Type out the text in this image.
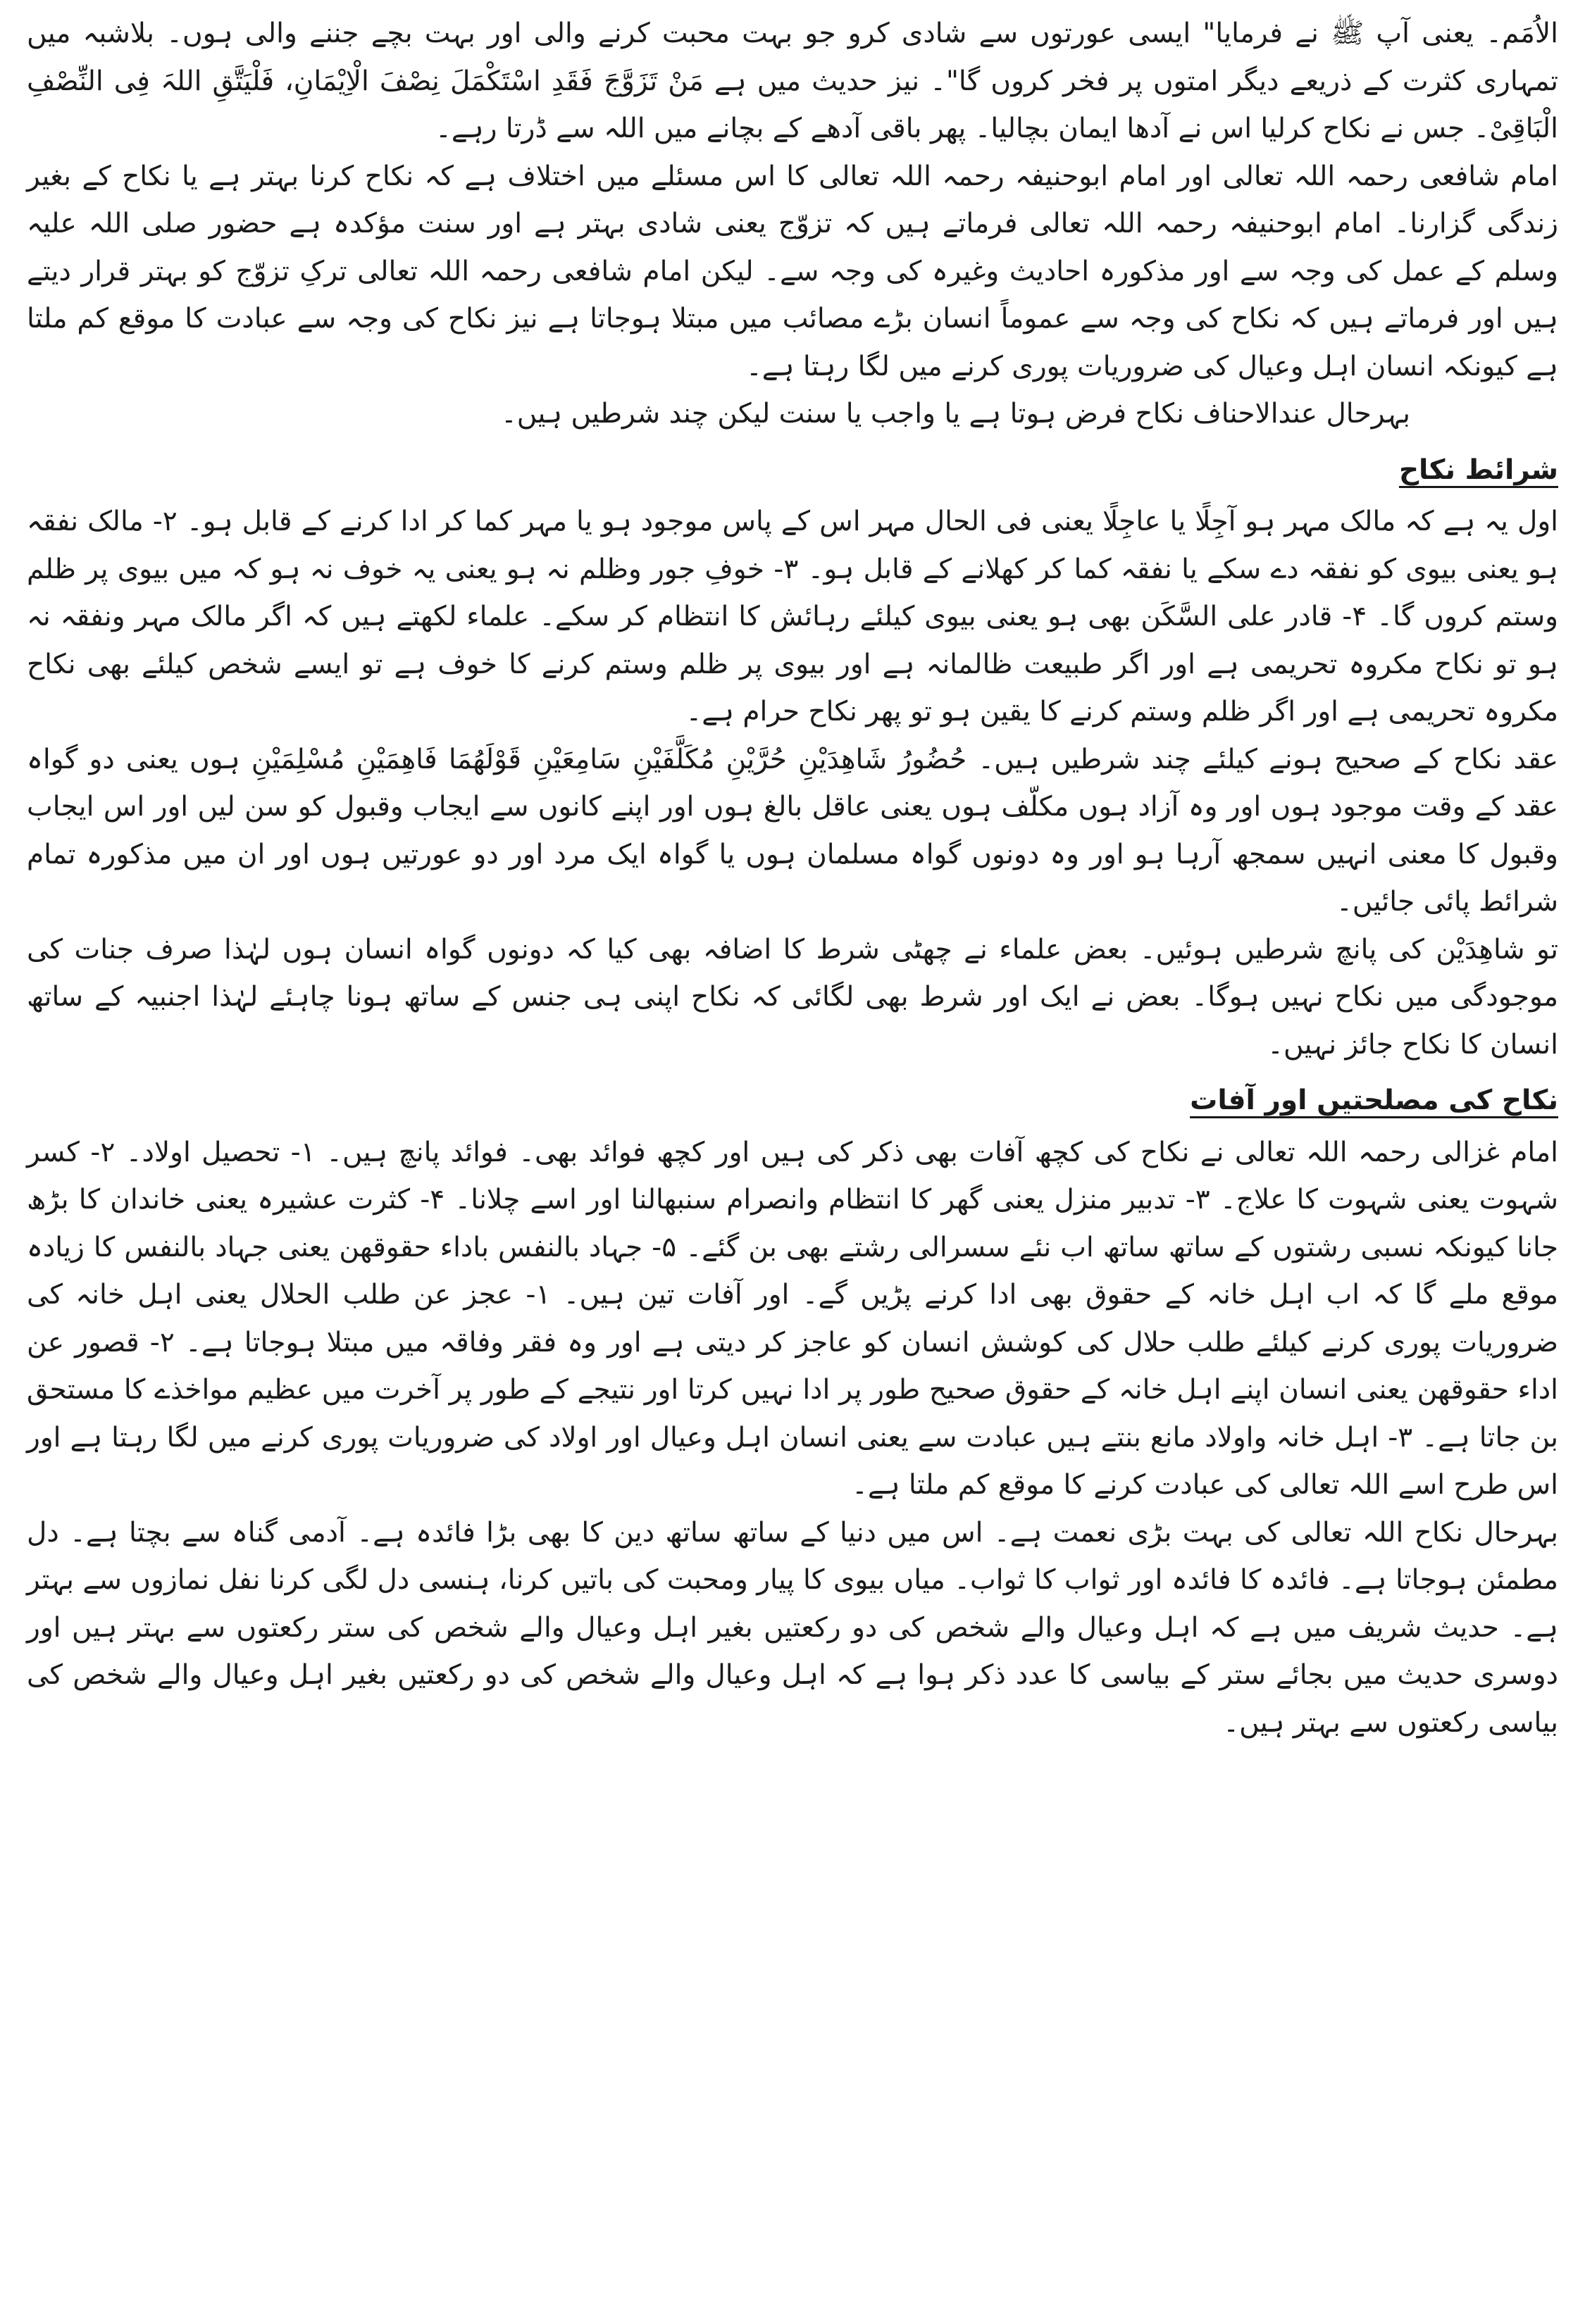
الاُمَم۔ یعنی آپ ﷺ نے فرمایا" ایسی عورتوں سے شادی کرو جو بہت محبت کرنے والی اور بہت بچے جننے والی ہوں۔ بلاشبہ میں تمہاری کثرت کے ذریعے دیگر امتوں پر فخر کروں گا"۔ نیز حدیث میں ہے مَنْ تَزَوَّجَ فَقَدِ اسْتَکْمَلَ نِصْفَ الْاِیْمَانِ، فَلْیَتَّقِ اللہَ فِی النِّصْفِ الْبَاقِیْ۔ جس نے نکاح کرلیا اس نے آدھا ایمان بچالیا۔ پھر باقی آدھے کے بچانے میں اللہ سے ڈرتا رہے۔

امام شافعی رحمہ اللہ تعالی اور امام ابوحنیفہ رحمہ اللہ تعالی کا اس مسئلے میں اختلاف ہے کہ نکاح کرنا بہتر ہے یا نکاح کے بغیر زندگی گزارنا۔ امام ابوحنیفہ رحمہ اللہ تعالی فرماتے ہیں کہ تزوّج یعنی شادی بہتر ہے اور سنت مؤکدہ ہے حضور صلی اللہ علیہ وسلم کے عمل کی وجہ سے اور مذکورہ احادیث وغیرہ کی وجہ سے۔ لیکن امام شافعی رحمہ اللہ تعالی ترکِ تزوّج کو بہتر قرار دیتے ہیں اور فرماتے ہیں کہ نکاح کی وجہ سے عموماً انسان بڑے مصائب میں مبتلا ہوجاتا ہے نیز نکاح کی وجہ سے عبادت کا موقع کم ملتا ہے کیونکہ انسان اہل وعیال کی ضروریات پوری کرنے میں لگا رہتا ہے۔

بہرحال عندالاحناف نکاح فرض ہوتا ہے یا واجب یا سنت لیکن چند شرطیں ہیں۔

شرائط نکاح

اول یہ ہے کہ مالک مہر ہو آجِلًا یا عاجِلًا یعنی فی الحال مہر اس کے پاس موجود ہو یا مہر کما کر ادا کرنے کے قابل ہو۔ ۲- مالک نفقہ ہو یعنی بیوی کو نفقہ دے سکے یا نفقہ کما کر کھلانے کے قابل ہو۔ ۳- خوفِ جور وظلم نہ ہو یعنی یہ خوف نہ ہو کہ میں بیوی پر ظلم وستم کروں گا۔ ۴- قادر علی السَّکَن بھی ہو یعنی بیوی کیلئے رہائش کا انتظام کر سکے۔ علماء لکھتے ہیں کہ اگر مالک مہر ونفقہ نہ ہو تو نکاح مکروہ تحریمی ہے اور اگر طبیعت ظالمانہ ہے اور بیوی پر ظلم وستم کرنے کا خوف ہے تو ایسے شخص کیلئے بھی نکاح مکروہ تحریمی ہے اور اگر ظلم وستم کرنے کا یقین ہو تو پھر نکاح حرام ہے۔

عقد نکاح کے صحیح ہونے کیلئے چند شرطیں ہیں۔ حُضُورُ شَاهِدَیْنِ حُرَّیْنِ مُکَلَّفَیْنِ سَامِعَیْنِ قَوْلَهُمَا فَاهِمَیْنِ مُسْلِمَیْنِ ہوں یعنی دو گواہ عقد کے وقت موجود ہوں اور وہ آزاد ہوں مکلّف ہوں یعنی عاقل بالغ ہوں اور اپنے کانوں سے ایجاب وقبول کو سن لیں اور اس ایجاب وقبول کا معنی انہیں سمجھ آرہا ہو اور وہ دونوں گواہ مسلمان ہوں یا گواہ ایک مرد اور دو عورتیں ہوں اور ان میں مذکورہ تمام شرائط پائی جائیں۔

تو شاهِدَیْن کی پانچ شرطیں ہوئیں۔ بعض علماء نے چھٹی شرط کا اضافہ بھی کیا کہ دونوں گواہ انسان ہوں لہٰذا صرف جنات کی موجودگی میں نکاح نہیں ہوگا۔ بعض نے ایک اور شرط بھی لگائی کہ نکاح اپنی ہی جنس کے ساتھ ہونا چاہئے لہٰذا اجنبیہ کے ساتھ انسان کا نکاح جائز نہیں۔

نکاح کی مصلحتیں اور آفات

امام غزالی رحمہ اللہ تعالی نے نکاح کی کچھ آفات بھی ذکر کی ہیں اور کچھ فوائد بھی۔ فوائد پانچ ہیں۔ ۱- تحصیل اولاد۔ ۲- کسر شہوت یعنی شہوت کا علاج۔ ۳- تدبیر منزل یعنی گھر کا انتظام وانصرام سنبھالنا اور اسے چلانا۔ ۴- کثرت عشیرہ یعنی خاندان کا بڑھ جانا کیونکہ نسبی رشتوں کے ساتھ ساتھ اب نئے سسرالی رشتے بھی بن گئے۔ ۵- جہاد بالنفس باداء حقوقهن یعنی جہاد بالنفس کا زیادہ موقع ملے گا کہ اب اہل خانہ کے حقوق بھی ادا کرنے پڑیں گے۔ اور آفات تین ہیں۔ ۱- عجز عن طلب الحلال یعنی اہل خانہ کی ضروریات پوری کرنے کیلئے طلب حلال کی کوشش انسان کو عاجز کر دیتی ہے اور وہ فقر وفاقہ میں مبتلا ہوجاتا ہے۔ ۲- قصور عن اداء حقوقهن یعنی انسان اپنے اہل خانہ کے حقوق صحیح طور پر ادا نہیں کرتا اور نتیجے کے طور پر آخرت میں عظیم مواخذے کا مستحق بن جاتا ہے۔ ۳- اہل خانہ واولاد مانع بنتے ہیں عبادت سے یعنی انسان اہل وعیال اور اولاد کی ضروریات پوری کرنے میں لگا رہتا ہے اور اس طرح اسے اللہ تعالی کی عبادت کرنے کا موقع کم ملتا ہے۔

بہرحال نکاح اللہ تعالی کی بہت بڑی نعمت ہے۔ اس میں دنیا کے ساتھ ساتھ دین کا بھی بڑا فائدہ ہے۔ آدمی گناہ سے بچتا ہے۔ دل مطمئن ہوجاتا ہے۔ فائدہ کا فائدہ اور ثواب کا ثواب۔ میاں بیوی کا پیار ومحبت کی باتیں کرنا، ہنسی دل لگی کرنا نفل نمازوں سے بہتر ہے۔ حدیث شریف میں ہے کہ اہل وعیال والے شخص کی دو رکعتیں بغیر اہل وعیال والے شخص کی ستر رکعتوں سے بہتر ہیں اور دوسری حدیث میں بجائے ستر کے بیاسی کا عدد ذکر ہوا ہے کہ اہل وعیال والے شخص کی دو رکعتیں بغیر اہل وعیال والے شخص کی بیاسی رکعتوں سے بہتر ہیں۔
